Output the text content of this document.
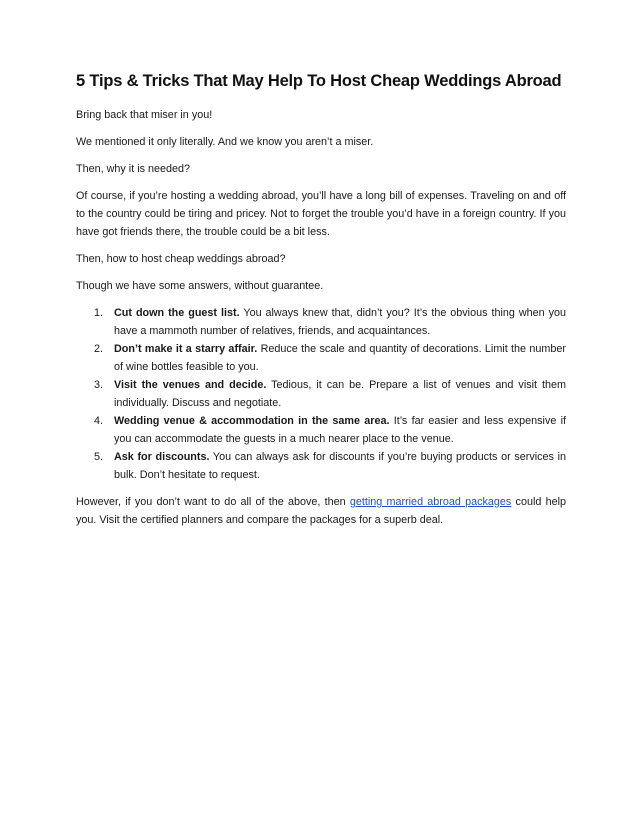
5 Tips & Tricks That May Help To Host Cheap Weddings Abroad

Bring back that miser in you!

We mentioned it only literally. And we know you aren’t a miser.

Then, why it is needed?

Of course, if you’re hosting a wedding abroad, you’ll have a long bill of expenses. Traveling on and off to the country could be tiring and pricey. Not to forget the trouble you’d have in a foreign country. If you have got friends there, the trouble could be a bit less.

Then, how to host cheap weddings abroad?

Though we have some answers, without guarantee.

1. Cut down the guest list. You always knew that, didn’t you? It’s the obvious thing when you have a mammoth number of relatives, friends, and acquaintances.
2. Don’t make it a starry affair. Reduce the scale and quantity of decorations. Limit the number of wine bottles feasible to you.
3. Visit the venues and decide. Tedious, it can be. Prepare a list of venues and visit them individually. Discuss and negotiate.
4. Wedding venue & accommodation in the same area. It’s far easier and less expensive if you can accommodate the guests in a much nearer place to the venue.
5. Ask for discounts. You can always ask for discounts if you’re buying products or services in bulk. Don’t hesitate to request.

However, if you don’t want to do all of the above, then getting married abroad packages could help you. Visit the certified planners and compare the packages for a superb deal.
